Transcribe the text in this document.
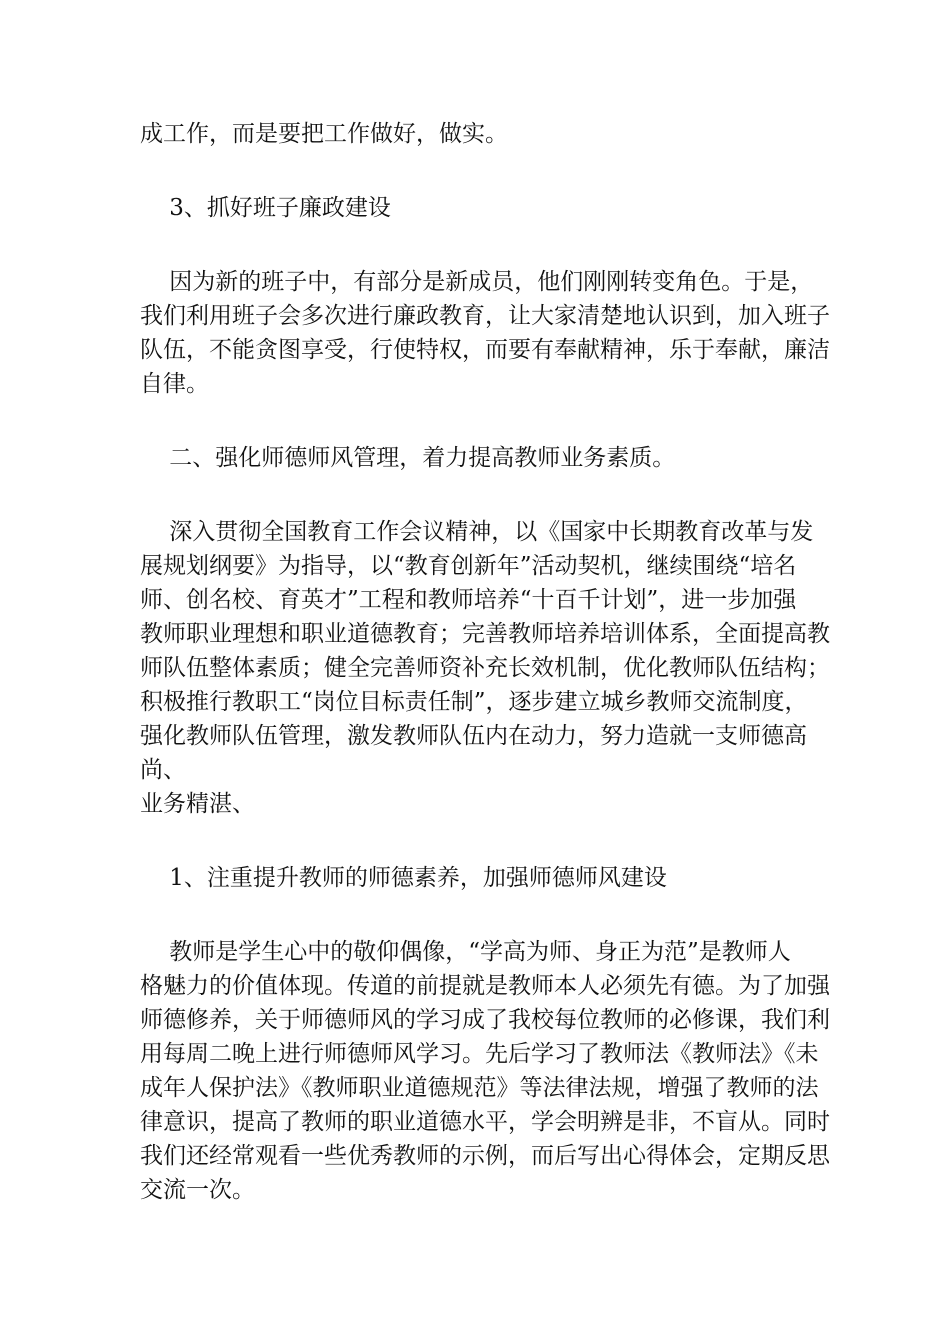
成工作，而是要把工作做好，做实。

3、抓好班子廉政建设

因为新的班子中，有部分是新成员，他们刚刚转变角色。于是，
我们利用班子会多次进行廉政教育，让大家清楚地认识到，加入班子
队伍，不能贪图享受，行使特权，而要有奉献精神，乐于奉献，廉洁
自律。

二、强化师德师风管理，着力提高教师业务素质。

深入贯彻全国教育工作会议精神，以《国家中长期教育改革与发
展规划纲要》为指导，以“教育创新年”活动契机，继续围绕“培名
师、创名校、育英才”工程和教师培养“十百千计划”，进一步加强
教师职业理想和职业道德教育；完善教师培养培训体系，全面提高教
师队伍整体素质；健全完善师资补充长效机制，优化教师队伍结构；
积极推行教职工“岗位目标责任制”，逐步建立城乡教师交流制度，
强化教师队伍管理，激发教师队伍内在动力，努力造就一支师德高尚、
业务精湛、

1、注重提升教师的师德素养，加强师德师风建设

教师是学生心中的敬仰偶像，“学高为师、身正为范”是教师人
格魅力的价值体现。传道的前提就是教师本人必须先有德。为了加强
师德修养，关于师德师风的学习成了我校每位教师的必修课，我们利
用每周二晚上进行师德师风学习。先后学习了教师法《教师法》《未
成年人保护法》《教师职业道德规范》等法律法规，增强了教师的法
律意识，提高了教师的职业道德水平，学会明辨是非，不盲从。同时
我们还经常观看一些优秀教师的示例，而后写出心得体会，定期反思
交流一次。
